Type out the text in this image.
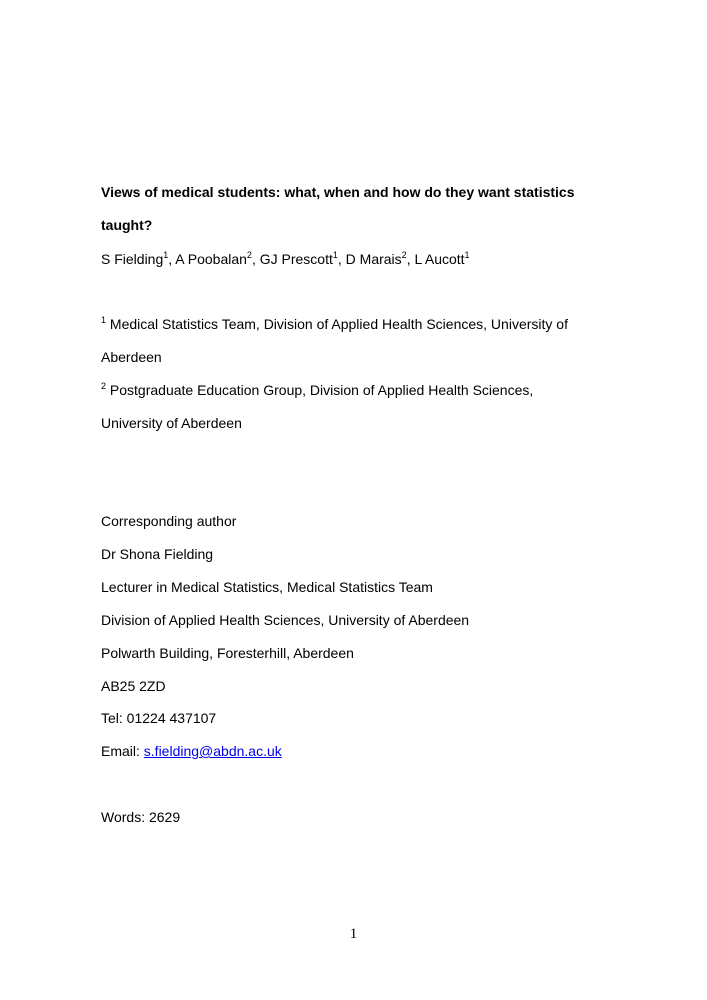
Views of medical students: what, when and how do they want statistics
taught?
S Fielding$^1$, A Poobalan$^2$, GJ Prescott$^1$, D Marais$^2$, L Aucott$^1$
$^1$ Medical Statistics Team, Division of Applied Health Sciences, University of
Aberdeen
$^2$ Postgraduate Education Group, Division of Applied Health Sciences,
University of Aberdeen
Corresponding author
Dr Shona Fielding
Lecturer in Medical Statistics, Medical Statistics Team
Division of Applied Health Sciences, University of Aberdeen
Polwarth Building, Foresterhill, Aberdeen
AB25 2ZD
Tel: 01224 437107
Email: s.fielding@abdn.ac.uk
Words: 2629
1
